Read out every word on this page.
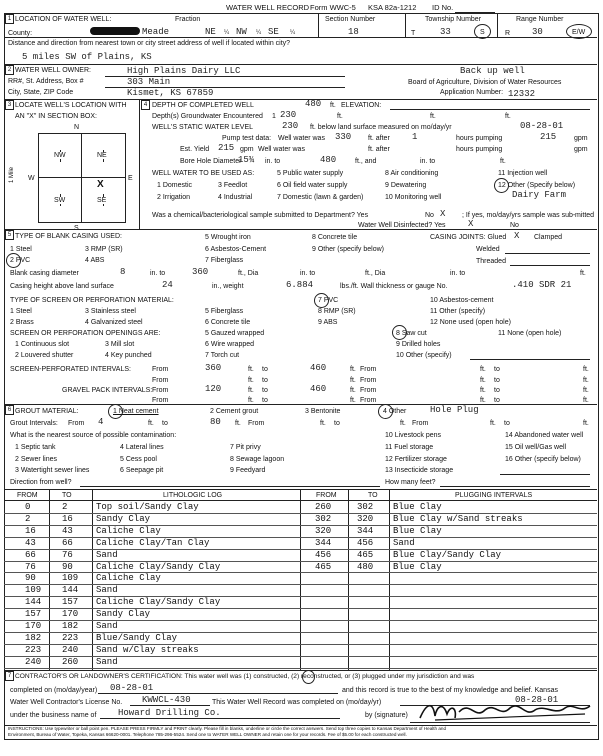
WATER WELL RECORD Form WWC-5 KSA 82a-1212 ID No.
1 LOCATION OF WATER WELL:	Fraction	Section Number	Township Number	Range Number
County:	Meade	NE ¼ NW ¼ SE ¼	18	T	33	S	R 30	E/W
Distance and direction from nearest town or city street address of well if located within city?
5 miles SW of Plains, KS
2 WATER WELL OWNER:
RR#, St. Address, Box #
City, State, ZIP Code
High Plains Dairy LLC
303 Main
Kismet, KS 67859
Back up well
Board of Agriculture, Division of Water Resources
Application Number: 12332
3 LOCATE WELL'S LOCATION WITH
AN "X" IN SECTION BOX:
N
S
W	E
1 Mile
NW	NE
SW	SE
X
4 DEPTH OF COMPLETED WELL	480 ft. ELEVATION:
Depth(s) Groundwater Encountered 1 230	ft.	ft.	ft.
WELL'S STATIC WATER LEVEL	230 ft. below land surface measured on mo/day/yr	08-28-01
Pump test data: Well water was 330 ft. after 1	hours pumping	215	gpm
Est. Yield 215 gpm Well water was	ft. after	hours pumping	gpm
Bore Hole Diameter
15¾ in. to	480	ft., and	in. to	ft.
WELL WATER TO BE USED AS:
1 Domestic	3 Feedlot
5 Public water supply	8 Air conditioning	11 Injection well
2 Irrigation	4 Industrial
6 Oil field water supply	9 Dewatering	12 Other (Specify below)
7 Domestic (lawn & garden)	10 Monitoring well	Dairy Farm
Was a chemical/bacteriological sample submitted to Department? Yes	No X ; If yes, mo/day/yrs sample was sub- mitted
Water Well Disinfected? Yes X	No
5 TYPE OF BLANK CASING USED:
1 Steel	3 RMP (SR)
5 Wrought iron	8 Concrete tile
2 PVC	4 ABS
6 Asbestos-Cement
7 Fiberglass
9 Other (specify below)
CASING JOINTS: Glued X Clamped
Welded
Threaded
Blank casing diameter	8	in. to	360	ft., Dia	in. to	ft., Dia	in. to	ft.
Casing height above land surface	24	in., weight	6.884	lbs./ft. Wall thickness or gauge No.	.410 SDR 21
TYPE OF SCREEN OR PERFORATION MATERIAL:
1 Steel	3 Stainless steel	5 Fiberglass
7 PVC	10 Asbestos-cement
2 Brass	4 Galvanized steel	6 Concrete tile
8 RMP (SR)	11 Other (specify)
9 ABS	12 None used (open hole)
SCREEN OR PERFORATION OPENINGS ARE:	5 Gauzed wrapped	8 Saw cut	11 None (open hole)
1 Continuous slot	3 Mill slot	6 Wire wrapped	9 Drilled holes
2 Louvered shutter	4 Key punched	7 Torch cut	10 Other (specify)
SCREEN-PERFORATED INTERVALS:	From	360	ft. to	460	ft. From	ft. to	ft.
From	ft. to	ft. From	ft. to	ft.
GRAVEL PACK INTERVALS: From	120	ft. to	460	ft. From	ft. to	ft.
From	ft. to	ft. From	ft. to	ft.
6 GROUT MATERIAL:	1 Neat cement	2 Cement grout	3 Bentonite	4 Other	Hole Plug
Grout Intervals: From 4	ft. to	80 ft. From	ft. to	ft. From	ft. to	ft.
What is the nearest source of possible contamination:
1 Septic tank	4 Lateral lines	7 Pit privy
10 Livestock pens	14 Abandoned water well
2 Sewer lines	5 Cess pool	8 Sewage lagoon
11 Fuel storage	15 Oil well/Gas well
3 Watertight sewer lines	6 Seepage pit	9 Feedyard
12 Fertilizer storage	16 Other (specify below)
13 Insecticide storage
Direction from well?	How many feet?
FROM	TO	LITHOLOGIC LOG	FROM	TO	PLUGGING INTERVALS
0	2	Top soil/Sandy Clay	260	302 Blue Clay
2	16	Sandy Clay	302	320 Blue Clay w/Sand streaks
16	43	Caliche Clay	320	344 Blue Clay
43	66	Caliche Clay/Tan Clay	344	456 Sand
66	76	Sand	456	465 Blue Clay/Sandy Clay
76	90	Caliche Clay/Sandy Clay	465	480 Blue Clay
90	109 Caliche Clay
109 144 Sand
144 157 Caliche Clay/Sandy Clay
157 170 Sandy Clay
170 182 Sand
182 223 Blue/Sandy Clay
223 240 Sand w/Clay streaks
240 260 Sand
7 CONTRACTOR'S OR LANDOWNER'S CERTIFICATION: This water well was (1) constructed, (2) reconstructed, or (3) plugged under my jurisdiction and was
completed on (mo/day/year) 08-28-01	and this record is true to the best of my knowledge and belief. Kansas
Water Well Contractor's License No. KWWCL-430	This Water Well Record was completed on (mo/day/yr)	08-28-01
under the business name of Howard Drilling Co.	by (signature)
INSTRUCTIONS: Use typewriter or ball point pen. PLEASE PRESS FIRMLY and PRINT clearly. Please fill in blanks, underline or circle the correct answers. Send top three copies to Kansas Department of Health and
Environment, Bureau of Water, Topeka, Kansas 66620-0001. Telephone 785-296-5524. Send one to WATER WELL OWNER and retain one for your records. Fee of $5.00 for each constructed well.
